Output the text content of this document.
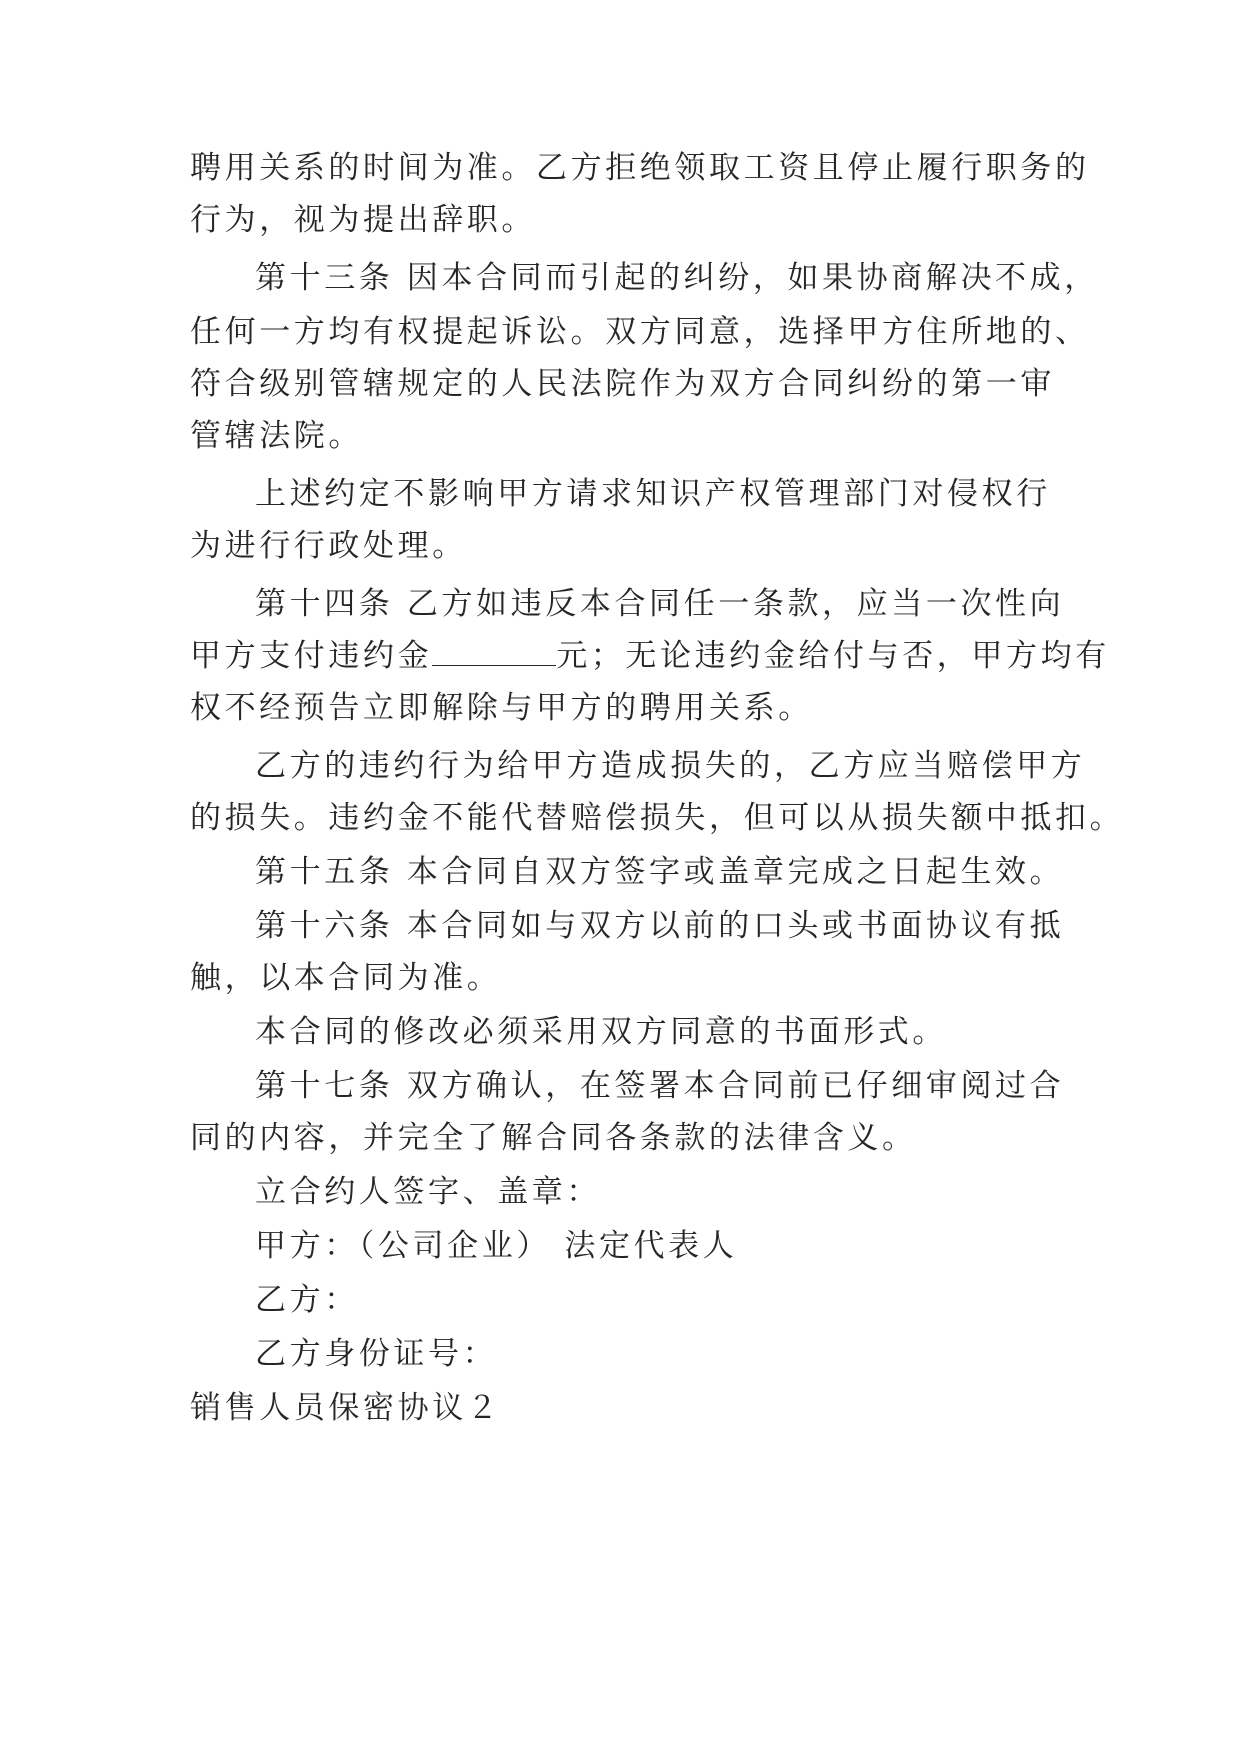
聘用关系的时间为准。乙方拒绝领取工资且停止履行职务的
行为，视为提出辞职。
第十三条 因本合同而引起的纠纷，如果协商解决不成，
任何一方均有权提起诉讼。双方同意，选择甲方住所地的、
符合级别管辖规定的人民法院作为双方合同纠纷的第一审
管辖法院。
上述约定不影响甲方请求知识产权管理部门对侵权行
为进行行政处理。
第十四条 乙方如违反本合同任一条款，应当一次性向
甲方支付违约金	元；无论违约金给付与否，甲方均有
权不经预告立即解除与甲方的聘用关系。
乙方的违约行为给甲方造成损失的，乙方应当赔偿甲方
的损失。违约金不能代替赔偿损失，但可以从损失额中抵扣。
第十五条 本合同自双方签字或盖章完成之日起生效。
第十六条 本合同如与双方以前的口头或书面协议有抵
触，以本合同为准。
本合同的修改必须采用双方同意的书面形式。
第十七条 双方确认，在签署本合同前已仔细审阅过合
同的内容，并完全了解合同各条款的法律含义。
立合约人签字、盖章：
甲方：（公司企业） 法定代表人
乙方：
乙方身份证号：
销售人员保密协议２
